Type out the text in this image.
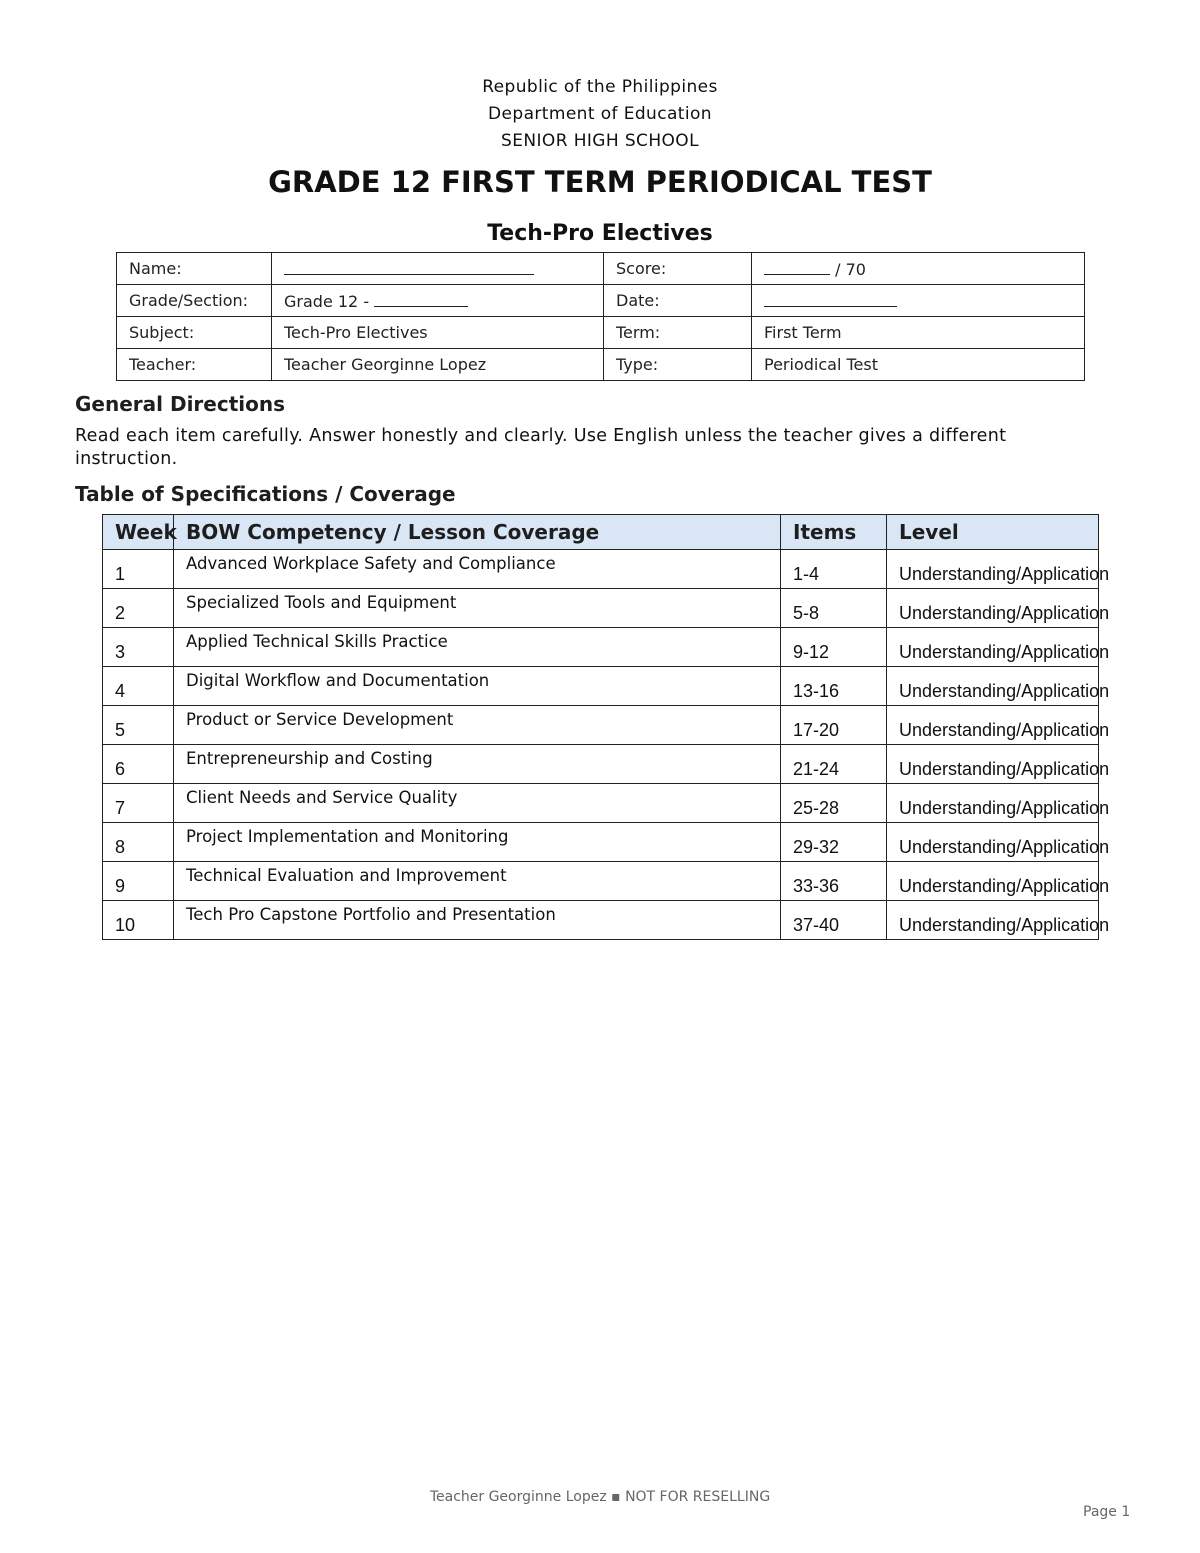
Republic of the Philippines
Department of Education
SENIOR HIGH SCHOOL
GRADE 12 FIRST TERM PERIODICAL TEST
Tech-Pro Electives
Name:		Score:	/ 70
Grade/Section:	Grade 12 -	Date:	
Subject:	Tech-Pro Electives	Term:	First Term
Teacher:	Teacher Georginne Lopez	Type:	Periodical Test
General Directions
Read each item carefully. Answer honestly and clearly. Use English unless the teacher gives a different instruction.
Table of Specifications / Coverage
Week	BOW Competency / Lesson Coverage	Items	Level
1	Advanced Workplace Safety and Compliance	1-4	Understanding/Application
2	Specialized Tools and Equipment	5-8	Understanding/Application
3	Applied Technical Skills Practice	9-12	Understanding/Application
4	Digital Workflow and Documentation	13-16	Understanding/Application
5	Product or Service Development	17-20	Understanding/Application
6	Entrepreneurship and Costing	21-24	Understanding/Application
7	Client Needs and Service Quality	25-28	Understanding/Application
8	Project Implementation and Monitoring	29-32	Understanding/Application
9	Technical Evaluation and Improvement	33-36	Understanding/Application
10	Tech Pro Capstone Portfolio and Presentation	37-40	Understanding/Application
Teacher Georginne Lopez ▪ NOT FOR RESELLING
Page 1
